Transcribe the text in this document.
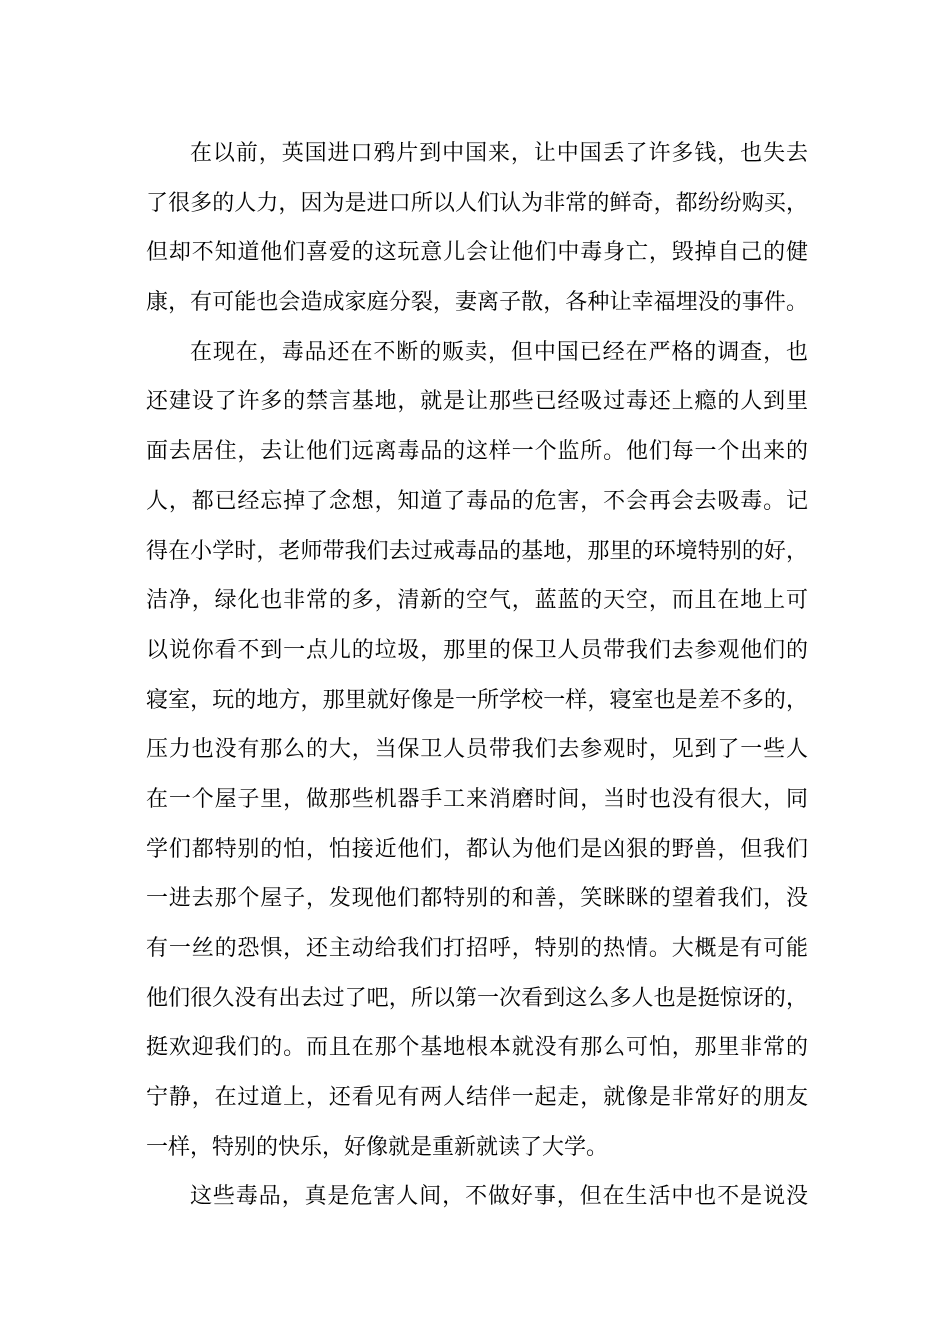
在以前，英国进口鸦片到中国来，让中国丢了许多钱，也失去
了很多的人力，因为是进口所以人们认为非常的鲜奇，都纷纷购买，
但却不知道他们喜爱的这玩意儿会让他们中毒身亡，毁掉自己的健
康，有可能也会造成家庭分裂，妻离子散，各种让幸福埋没的事件。
在现在，毒品还在不断的贩卖，但中国已经在严格的调查，也
还建设了许多的禁言基地，就是让那些已经吸过毒还上瘾的人到里
面去居住，去让他们远离毒品的这样一个监所。他们每一个出来的
人，都已经忘掉了念想，知道了毒品的危害，不会再会去吸毒。记
得在小学时，老师带我们去过戒毒品的基地，那里的环境特别的好，
洁净，绿化也非常的多，清新的空气，蓝蓝的天空，而且在地上可
以说你看不到一点儿的垃圾，那里的保卫人员带我们去参观他们的
寝室，玩的地方，那里就好像是一所学校一样，寝室也是差不多的，
压力也没有那么的大，当保卫人员带我们去参观时，见到了一些人
在一个屋子里，做那些机器手工来消磨时间，当时也没有很大，同
学们都特别的怕，怕接近他们，都认为他们是凶狠的野兽，但我们
一进去那个屋子，发现他们都特别的和善，笑眯眯的望着我们，没
有一丝的恐惧，还主动给我们打招呼，特别的热情。大概是有可能
他们很久没有出去过了吧，所以第一次看到这么多人也是挺惊讶的，
挺欢迎我们的。而且在那个基地根本就没有那么可怕，那里非常的
宁静，在过道上，还看见有两人结伴一起走，就像是非常好的朋友
一样，特别的快乐，好像就是重新就读了大学。
这些毒品，真是危害人间，不做好事，但在生活中也不是说没
